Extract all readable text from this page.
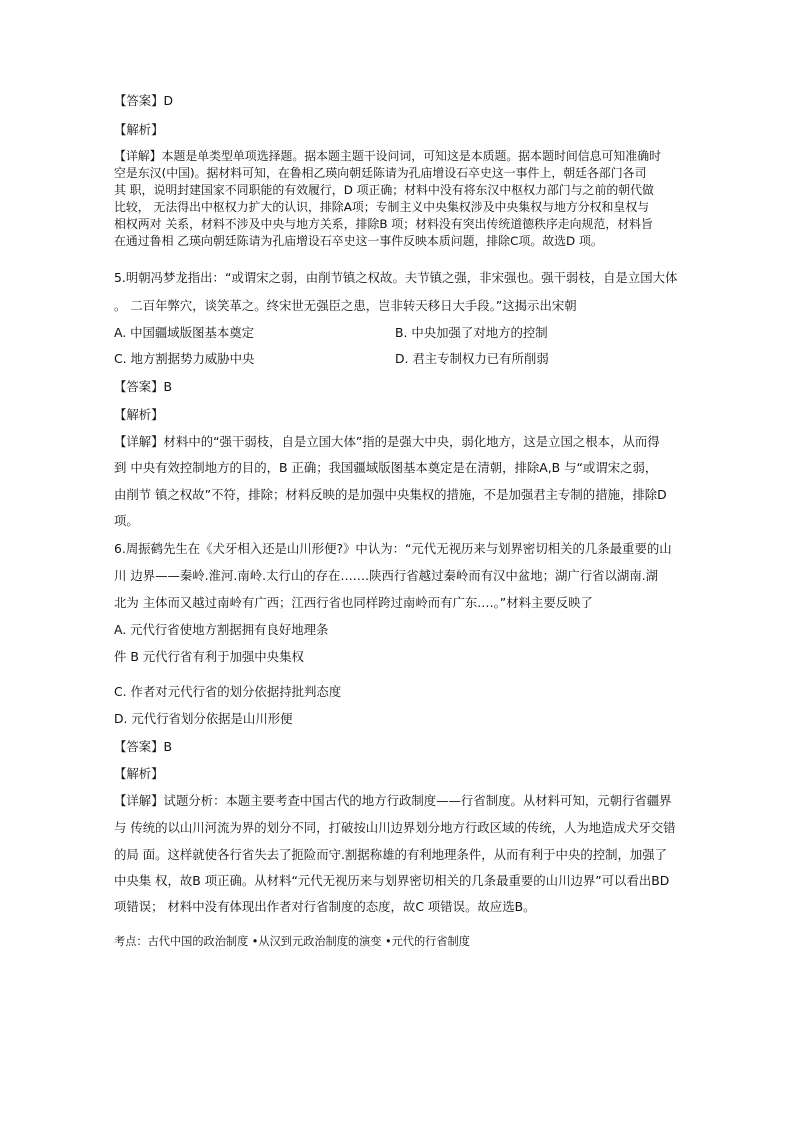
【答案】D
【解析】
【详解】本题是单类型单项选择题。据本题主题干设问词，可知这是本质题。据本题时间信息可知准确时
空是东汉(中国)。据材料可知，在鲁相乙瑛向朝廷陈请为孔庙增设石卒史这一事件上，朝廷各部门各司
其 职，说明封建国家不同职能的有效履行，D 项正确；材料中没有将东汉中枢权力部门与之前的朝代做
比较， 无法得出中枢权力扩大的认识，排除A项；专制主义中央集权涉及中央集权与地方分权和皇权与
相权两对 关系，材料不涉及中央与地方关系，排除B 项；材料没有突出传统道德秩序走向规范，材料旨
在通过鲁相 乙瑛向朝廷陈请为孔庙增设石卒史这一事件反映本质问题，排除C项。故选D 项。
5.明朝冯梦龙指出：“或谓宋之弱，由削节镇之权故。夫节镇之强，非宋强也。强干弱枝，自是立国大体
。 二百年弊穴，谈笑革之。终宋世无强臣之患，岂非转天移日大手段。”这揭示出宋朝
A. 中国疆域版图基本奠定	B. 中央加强了对地方的控制
C. 地方割据势力威胁中央	D. 君主专制权力已有所削弱
【答案】B
【解析】
【详解】材料中的“强干弱枝，自是立国大体”指的是强大中央，弱化地方，这是立国之根本，从而得
到 中央有效控制地方的目的，B 正确；我国疆域版图基本奠定是在清朝，排除A,B 与“或谓宋之弱，
由削节 镇之权故”不符，排除；材料反映的是加强中央集权的措施，不是加强君主专制的措施，排除D
项。
6.周振鹤先生在《犬牙相入还是山川形便?》中认为：“元代无视历来与划界密切相关的几条最重要的山
川 边界——秦岭.淮河.南岭.太行山的存在….…陕西行省越过秦岭而有汉中盆地；湖广行省以湖南.湖
北为 主体而又越过南岭有广西；江西行省也同样跨过南岭而有广东.…。”材料主要反映了
A. 元代行省使地方割据拥有良好地理条
件 B 元代行省有利于加强中央集权
C. 作者对元代行省的划分依据持批判态度
D. 元代行省划分依据是山川形便
【答案】B
【解析】
【详解】试题分析：本题主要考查中国古代的地方行政制度——行省制度。从材料可知，元朝行省疆界
与 传统的以山川河流为界的划分不同，打破按山川边界划分地方行政区域的传统，人为地造成犬牙交错
的局 面。这样就使各行省失去了扼险而守.割据称雄的有利地理条件，从而有利于中央的控制，加强了
中央集 权，故B 项正确。从材料“元代无视历来与划界密切相关的几条最重要的山川边界”可以看出BD
项错误； 材料中没有体现出作者对行省制度的态度，故C 项错误。故应选B。
考点：古代中国的政治制度 •从汉到元政治制度的演变 •元代的行省制度
